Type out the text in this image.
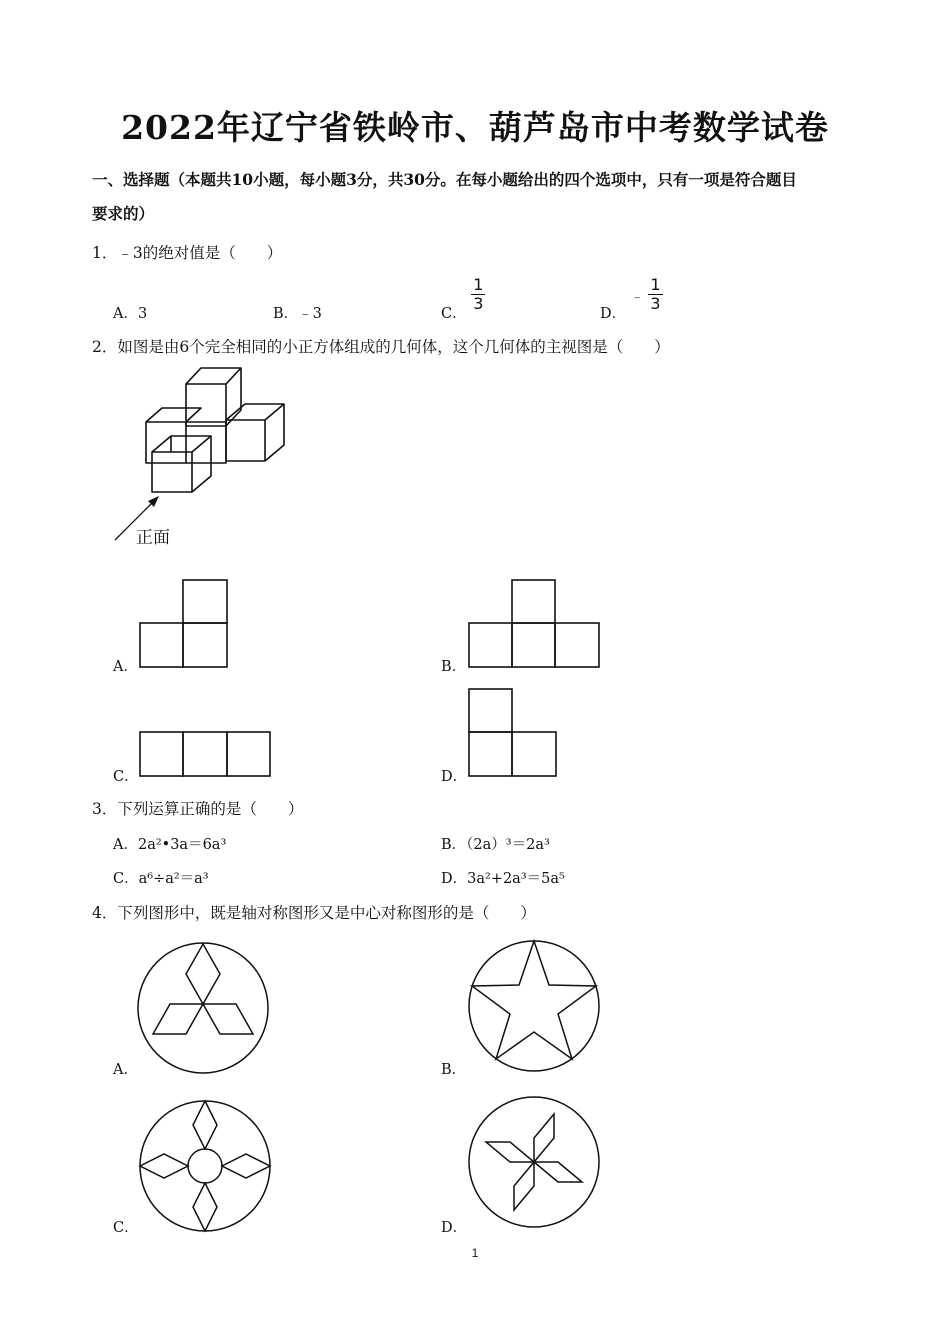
2022年辽宁省铁岭市、葫芦岛市中考数学试卷
一、选择题（本题共10小题，每小题3分，共30分。在每小题给出的四个选项中，只有一项是符合题目
要求的）
1．﹣3的绝对值是（　　）
A．3	B．﹣3	C．
$\frac{1}{3}$
D． ﹣ $\frac{1}{3}$
2．如图是由6个完全相同的小正方体组成的几何体，这个几何体的主视图是（　　）
正面
A．	B．
C．	D．
3．下列运算正确的是（　　）
A．2a²•3a＝6a³	B．（2a）³＝2a³
C．a⁶÷a²＝a³	D．3a²+2a³＝5a⁵
4．下列图形中，既是轴对称图形又是中心对称图形的是（　　）
A．	B．
C．	D．
1
